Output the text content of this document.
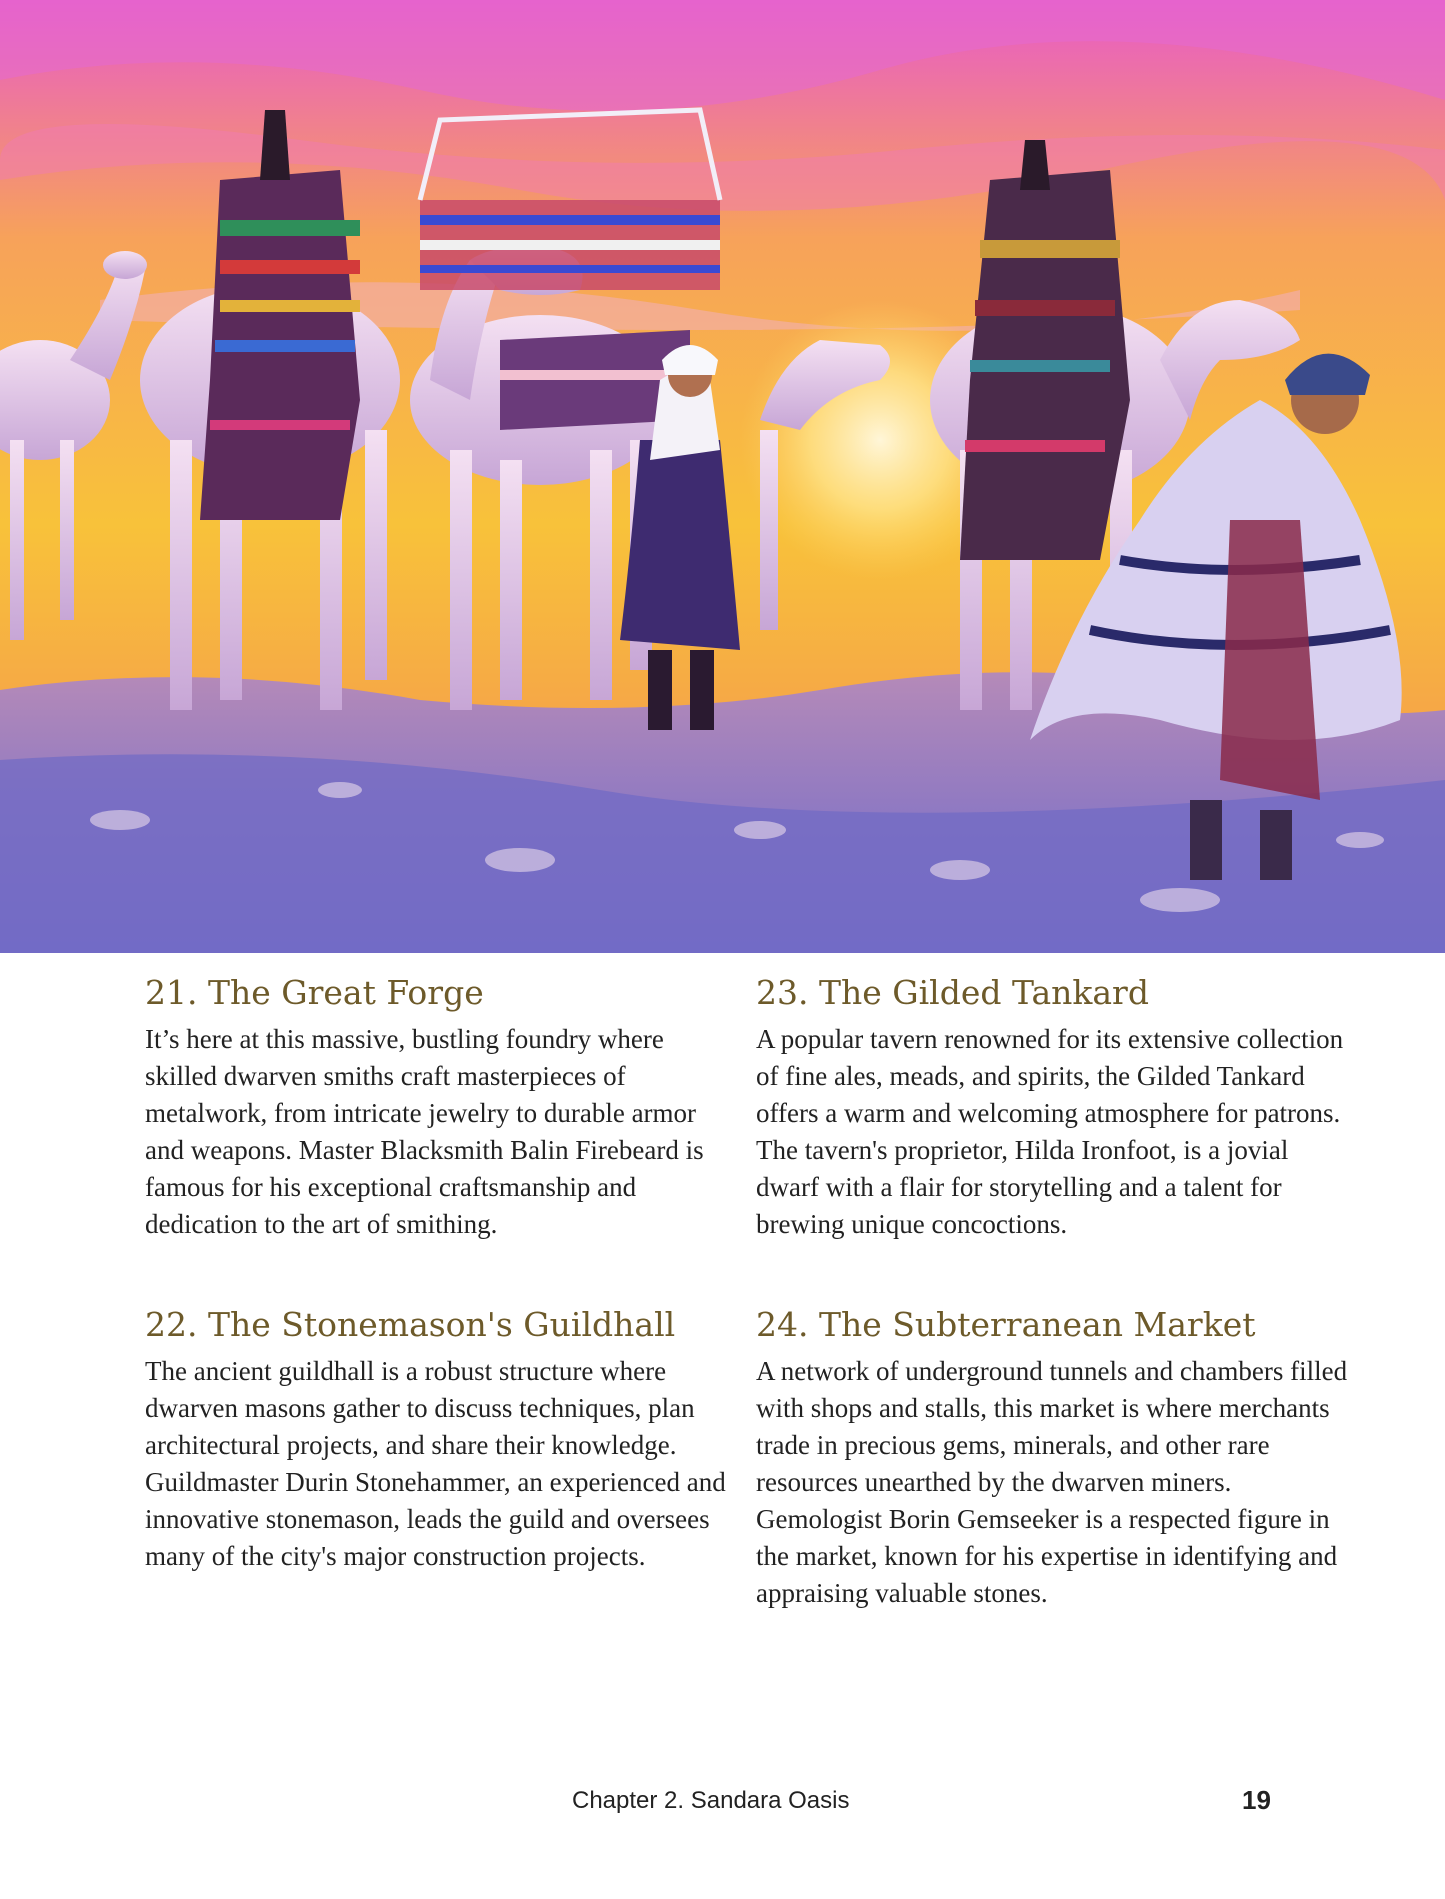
21. The Great Forge

It’s here at this massive, bustling foundry where skilled dwarven smiths craft masterpieces of metalwork, from intricate jewelry to durable armor and weapons. Master Blacksmith Balin Firebeard is famous for his exceptional craftsmanship and dedication to the art of smithing.

23. The Gilded Tankard

A popular tavern renowned for its extensive collection of fine ales, meads, and spirits, the Gilded Tankard offers a warm and welcoming atmosphere for patrons. The tavern's proprietor, Hilda Ironfoot, is a jovial dwarf with a flair for storytelling and a talent for brewing unique concoctions.

22. The Stonemason's Guildhall

The ancient guildhall is a robust structure where dwarven masons gather to discuss techniques, plan architectural projects, and share their knowledge. Guildmaster Durin Stonehammer, an experienced and innovative stonemason, leads the guild and oversees many of the city's major construction projects.

24. The Subterranean Market

A network of underground tunnels and chambers filled with shops and stalls, this market is where merchants trade in precious gems, minerals, and other rare resources unearthed by the dwarven miners. Gemologist Borin Gemseeker is a respected figure in the market, known for his expertise in identifying and appraising valuable stones.

Chapter 2. Sandara Oasis	19
